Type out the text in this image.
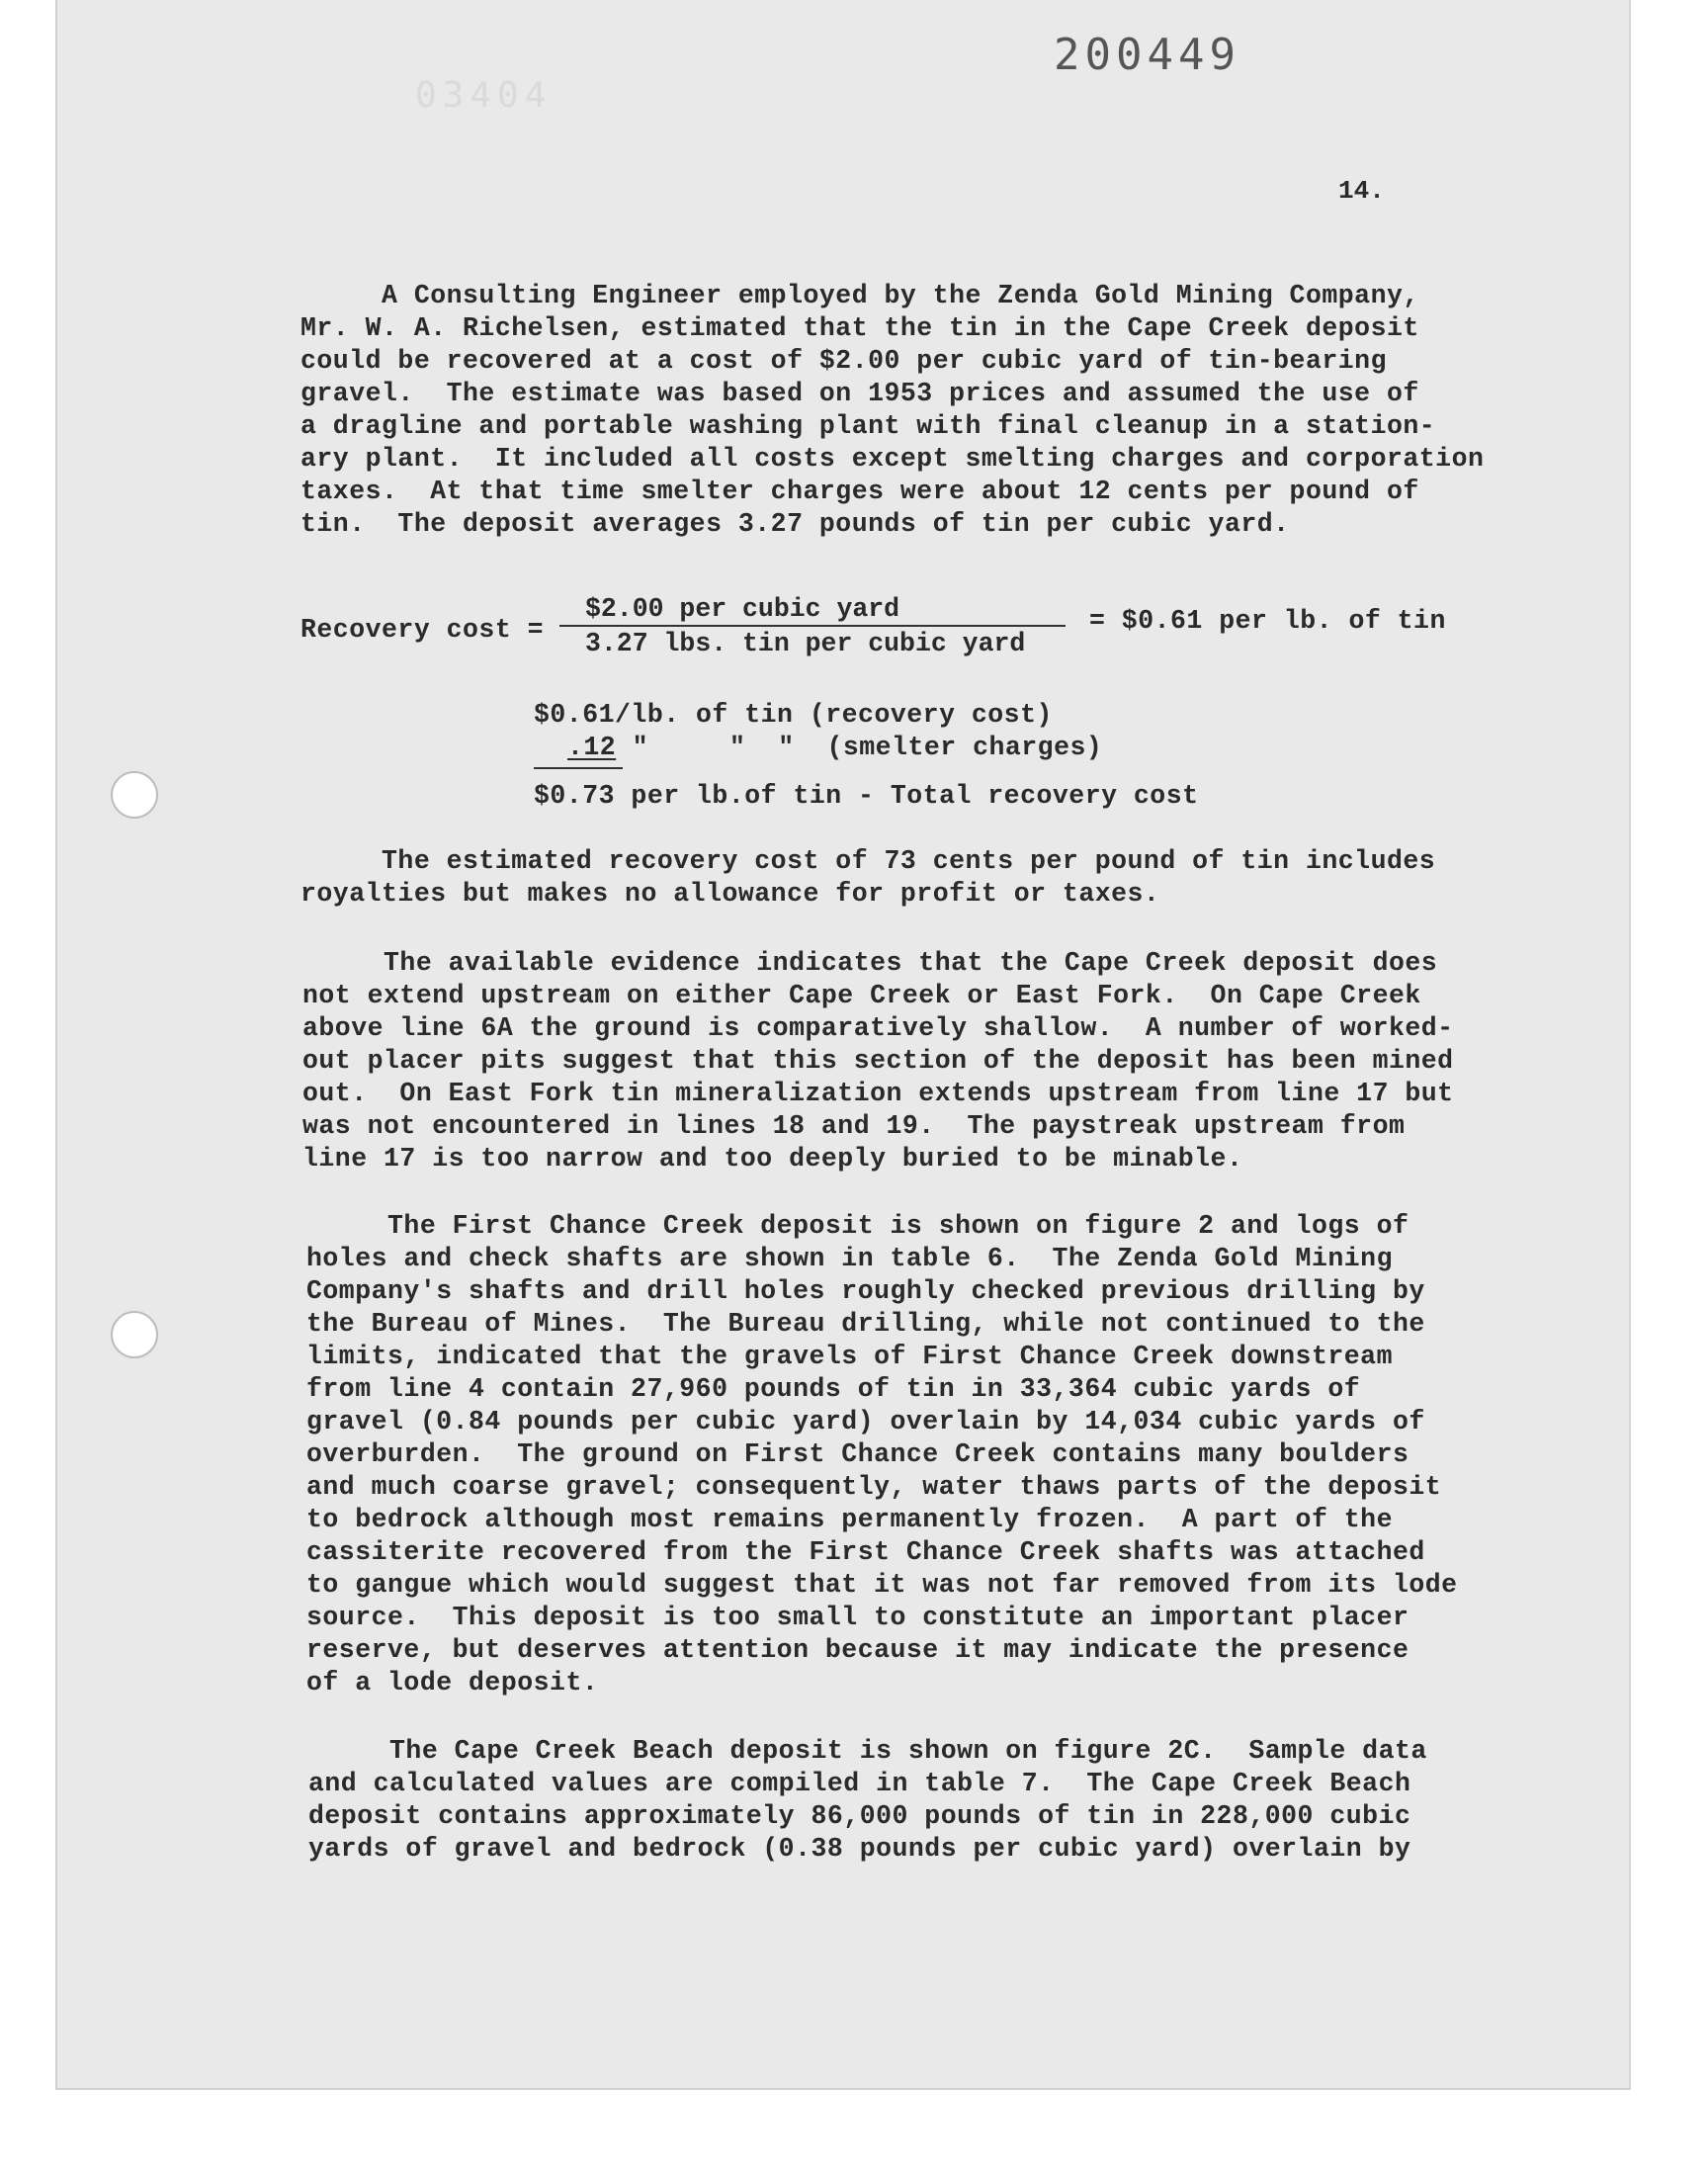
03404
200449
14.
A Consulting Engineer employed by the Zenda Gold Mining Company,
Mr. W. A. Richelsen, estimated that the tin in the Cape Creek deposit
could be recovered at a cost of $2.00 per cubic yard of tin-bearing
gravel.  The estimate was based on 1953 prices and assumed the use of
a dragline and portable washing plant with final cleanup in a station-
ary plant.  It included all costs except smelting charges and corporation
taxes.  At that time smelter charges were about 12 cents per pound of
tin.  The deposit averages 3.27 pounds of tin per cubic yard.
Recovery cost =
$2.00 per cubic yard
3.27 lbs. tin per cubic yard
= $0.61 per lb. of tin
$0.61/lb. of tin (recovery cost)
.12 "     "  "  (smelter charges)
$0.73 per lb.of tin - Total recovery cost
The estimated recovery cost of 73 cents per pound of tin includes
royalties but makes no allowance for profit or taxes.
The available evidence indicates that the Cape Creek deposit does
not extend upstream on either Cape Creek or East Fork.  On Cape Creek
above line 6A the ground is comparatively shallow.  A number of worked-
out placer pits suggest that this section of the deposit has been mined
out.  On East Fork tin mineralization extends upstream from line 17 but
was not encountered in lines 18 and 19.  The paystreak upstream from
line 17 is too narrow and too deeply buried to be minable.
The First Chance Creek deposit is shown on figure 2 and logs of
holes and check shafts are shown in table 6.  The Zenda Gold Mining
Company's shafts and drill holes roughly checked previous drilling by
the Bureau of Mines.  The Bureau drilling, while not continued to the
limits, indicated that the gravels of First Chance Creek downstream
from line 4 contain 27,960 pounds of tin in 33,364 cubic yards of
gravel (0.84 pounds per cubic yard) overlain by 14,034 cubic yards of
overburden.  The ground on First Chance Creek contains many boulders
and much coarse gravel; consequently, water thaws parts of the deposit
to bedrock although most remains permanently frozen.  A part of the
cassiterite recovered from the First Chance Creek shafts was attached
to gangue which would suggest that it was not far removed from its lode
source.  This deposit is too small to constitute an important placer
reserve, but deserves attention because it may indicate the presence
of a lode deposit.
The Cape Creek Beach deposit is shown on figure 2C.  Sample data
and calculated values are compiled in table 7.  The Cape Creek Beach
deposit contains approximately 86,000 pounds of tin in 228,000 cubic
yards of gravel and bedrock (0.38 pounds per cubic yard) overlain by
